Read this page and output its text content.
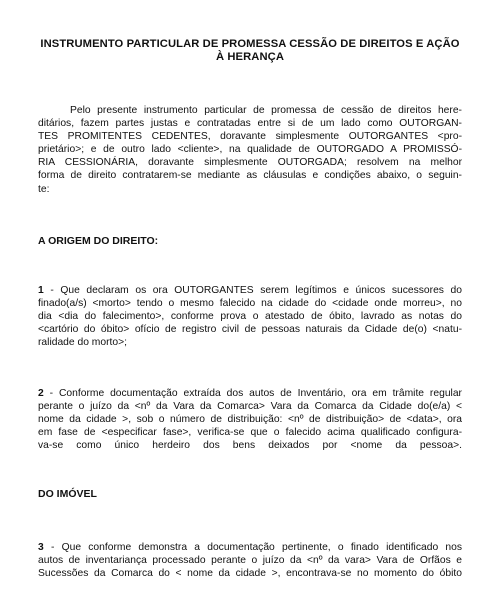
INSTRUMENTO PARTICULAR DE PROMESSA CESSÃO DE DIREITOS E AÇÃO
À HERANÇA
Pelo presente instrumento particular de promessa de cessão de direitos here-
ditários, fazem partes justas e contratadas entre si de um lado como OUTORGAN-
TES PROMITENTES CEDENTES, doravante simplesmente OUTORGANTES <pro-
prietário>; e de outro lado <cliente>, na qualidade de OUTORGADO A PROMISSÓ-
RIA CESSIONÁRIA, doravante simplesmente OUTORGADA; resolvem na melhor
forma de direito contratarem-se mediante as cláusulas e condições abaixo, o seguin-
te:
A ORIGEM DO DIREITO:
1 - Que declaram os ora OUTORGANTES serem legítimos e únicos sucessores do
finado(a/s) <morto> tendo o mesmo falecido na cidade do <cidade onde morreu>, no
dia <dia do falecimento>, conforme prova o atestado de óbito, lavrado as notas do
<cartório do óbito> ofício de registro civil de pessoas naturais da Cidade de(o) <natu-
ralidade do morto>;
2 - Conforme documentação extraída dos autos de Inventário, ora em trâmite regular
perante o juízo da <nº da Vara da Comarca> Vara da Comarca da Cidade do(e/a) <
nome da cidade >, sob o número de distribuição: <nº de distribuição> de <data>, ora
em fase de <especificar fase>, verifica-se que o falecido acima qualificado configura-
va-se como único herdeiro dos bens deixados por <nome da pessoa>.
DO IMÓVEL
3 - Que conforme demonstra a documentação pertinente, o finado identificado nos
autos de inventariança processado perante o juízo da <nº da vara> Vara de Orfãos e
Sucessões da Comarca do < nome da cidade >, encontrava-se no momento do óbito
